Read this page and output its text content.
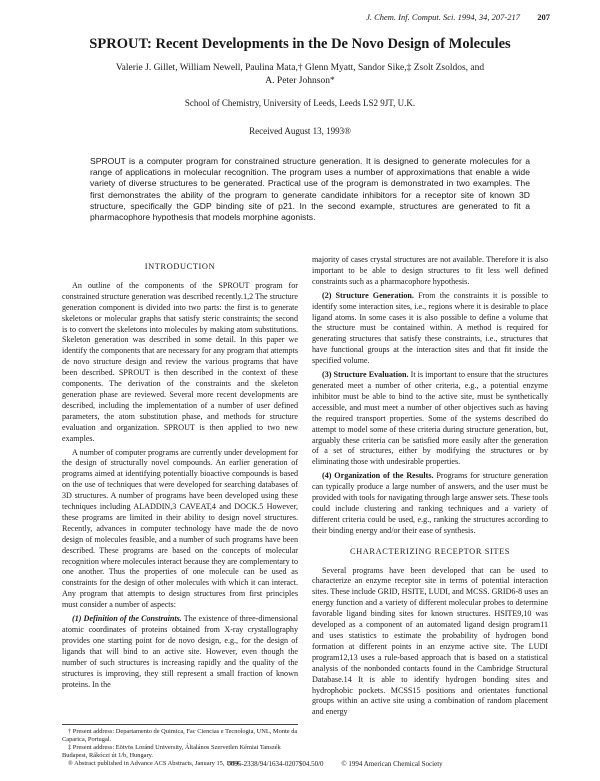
J. Chem. Inf. Comput. Sci. 1994, 34, 207-217 207
SPROUT: Recent Developments in the De Novo Design of Molecules
Valerie J. Gillet, William Newell, Paulina Mata,† Glenn Myatt, Sandor Sike,‡ Zsolt Zsoldos, and
A. Peter Johnson*
School of Chemistry, University of Leeds, Leeds LS2 9JT, U.K.
Received August 13, 1993®
SPROUT is a computer program for constrained structure generation. It is designed to generate molecules for a range of applications in molecular recognition. The program uses a number of approximations that enable a wide variety of diverse structures to be generated. Practical use of the program is demonstrated in two examples. The first demonstrates the ability of the program to generate candidate inhibitors for a receptor site of known 3D structure, specifically the GDP binding site of p21. In the second example, structures are generated to fit a pharmacophore hypothesis that models morphine agonists.
INTRODUCTION

An outline of the components of the SPROUT program for constrained structure generation was described recently.1,2 The structure generation component is divided into two parts: the first is to generate skeletons or molecular graphs that satisfy steric constraints; the second is to convert the skeletons into molecules by making atom substitutions. Skeleton generation was described in some detail. In this paper we identify the components that are necessary for any program that attempts de novo structure design and review the various programs that have been described. SPROUT is then described in the context of these components. The derivation of the constraints and the skeleton generation phase are reviewed. Several more recent developments are described, including the implementation of a number of user defined parameters, the atom substitution phase, and methods for structure evaluation and organization. SPROUT is then applied to two new examples.

A number of computer programs are currently under development for the design of structurally novel compounds. An earlier generation of programs aimed at identifying potentially bioactive compounds is based on the use of techniques that were developed for searching databases of 3D structures. A number of programs have been developed using these techniques including ALADDIN,3 CAVEAT,4 and DOCK.5 However, these programs are limited in their ability to design novel structures. Recently, advances in computer technology have made the de novo design of molecules feasible, and a number of such programs have been described. These programs are based on the concepts of molecular recognition where molecules interact because they are complementary to one another. Thus the properties of one molecule can be used as constraints for the design of other molecules with which it can interact. Any program that attempts to design structures from first principles must consider a number of aspects:

(1) Definition of the Constraints. The existence of three-dimensional atomic coordinates of proteins obtained from X-ray crystallography provides one starting point for de novo design, e.g., for the design of ligands that will bind to an active site. However, even though the number of such structures is increasing rapidly and the quality of the structures is improving, they still represent a small fraction of known proteins. In the

majority of cases crystal structures are not available. Therefore it is also important to be able to design structures to fit less well defined constraints such as a pharmacophore hypothesis.

(2) Structure Generation. From the constraints it is possible to identify some interaction sites, i.e., regions where it is desirable to place ligand atoms. In some cases it is also possible to define a volume that the structure must be contained within. A method is required for generating structures that satisfy these constraints, i.e., structures that have functional groups at the interaction sites and that fit inside the specified volume.

(3) Structure Evaluation. It is important to ensure that the structures generated meet a number of other criteria, e.g., a potential enzyme inhibitor must be able to bind to the active site, must be synthetically accessible, and must meet a number of other objectives such as having the required transport properties. Some of the systems described do attempt to model some of these criteria during structure generation, but, arguably these criteria can be satisfied more easily after the generation of a set of structures, either by modifying the structures or by eliminating those with undesirable properties.

(4) Organization of the Results. Programs for structure generation can typically produce a large number of answers, and the user must be provided with tools for navigating through large answer sets. These tools could include clustering and ranking techniques and a variety of different criteria could be used, e.g., ranking the structures according to their binding energy and/or their ease of synthesis.

CHARACTERIZING RECEPTOR SITES

Several programs have been developed that can be used to characterize an enzyme receptor site in terms of potential interaction sites. These include GRID, HSITE, LUDI, and MCSS. GRID6-8 uses an energy function and a variety of different molecular probes to determine favorable ligand binding sites for known structures. HSITE9,10 was developed as a component of an automated ligand design program11 and uses statistics to estimate the probability of hydrogen bond formation at different points in an enzyme active site. The LUDI program12,13 uses a rule-based approach that is based on a statistical analysis of the nonbonded contacts found in the Cambridge Structural Database.14 It is able to identify hydrogen bonding sites and hydrophobic pockets. MCSS15 positions and orientates functional groups within an active site using a combination of random placement and energy

† Present address: Departamento de Quimica, Fac Ciencias e Tecnologia, UNL, Monte da Caparica, Portugal.
‡ Present address: Eötvös Loránd University, Általános Szervetlen Kémiai Tanszék Budapest, Rákóczi út 1/b, Hungary.
® Abstract published in Advance ACS Abstracts, January 15, 1994.
0095-2338/94/1634-0207$04.50/0	© 1994 American Chemical Society
